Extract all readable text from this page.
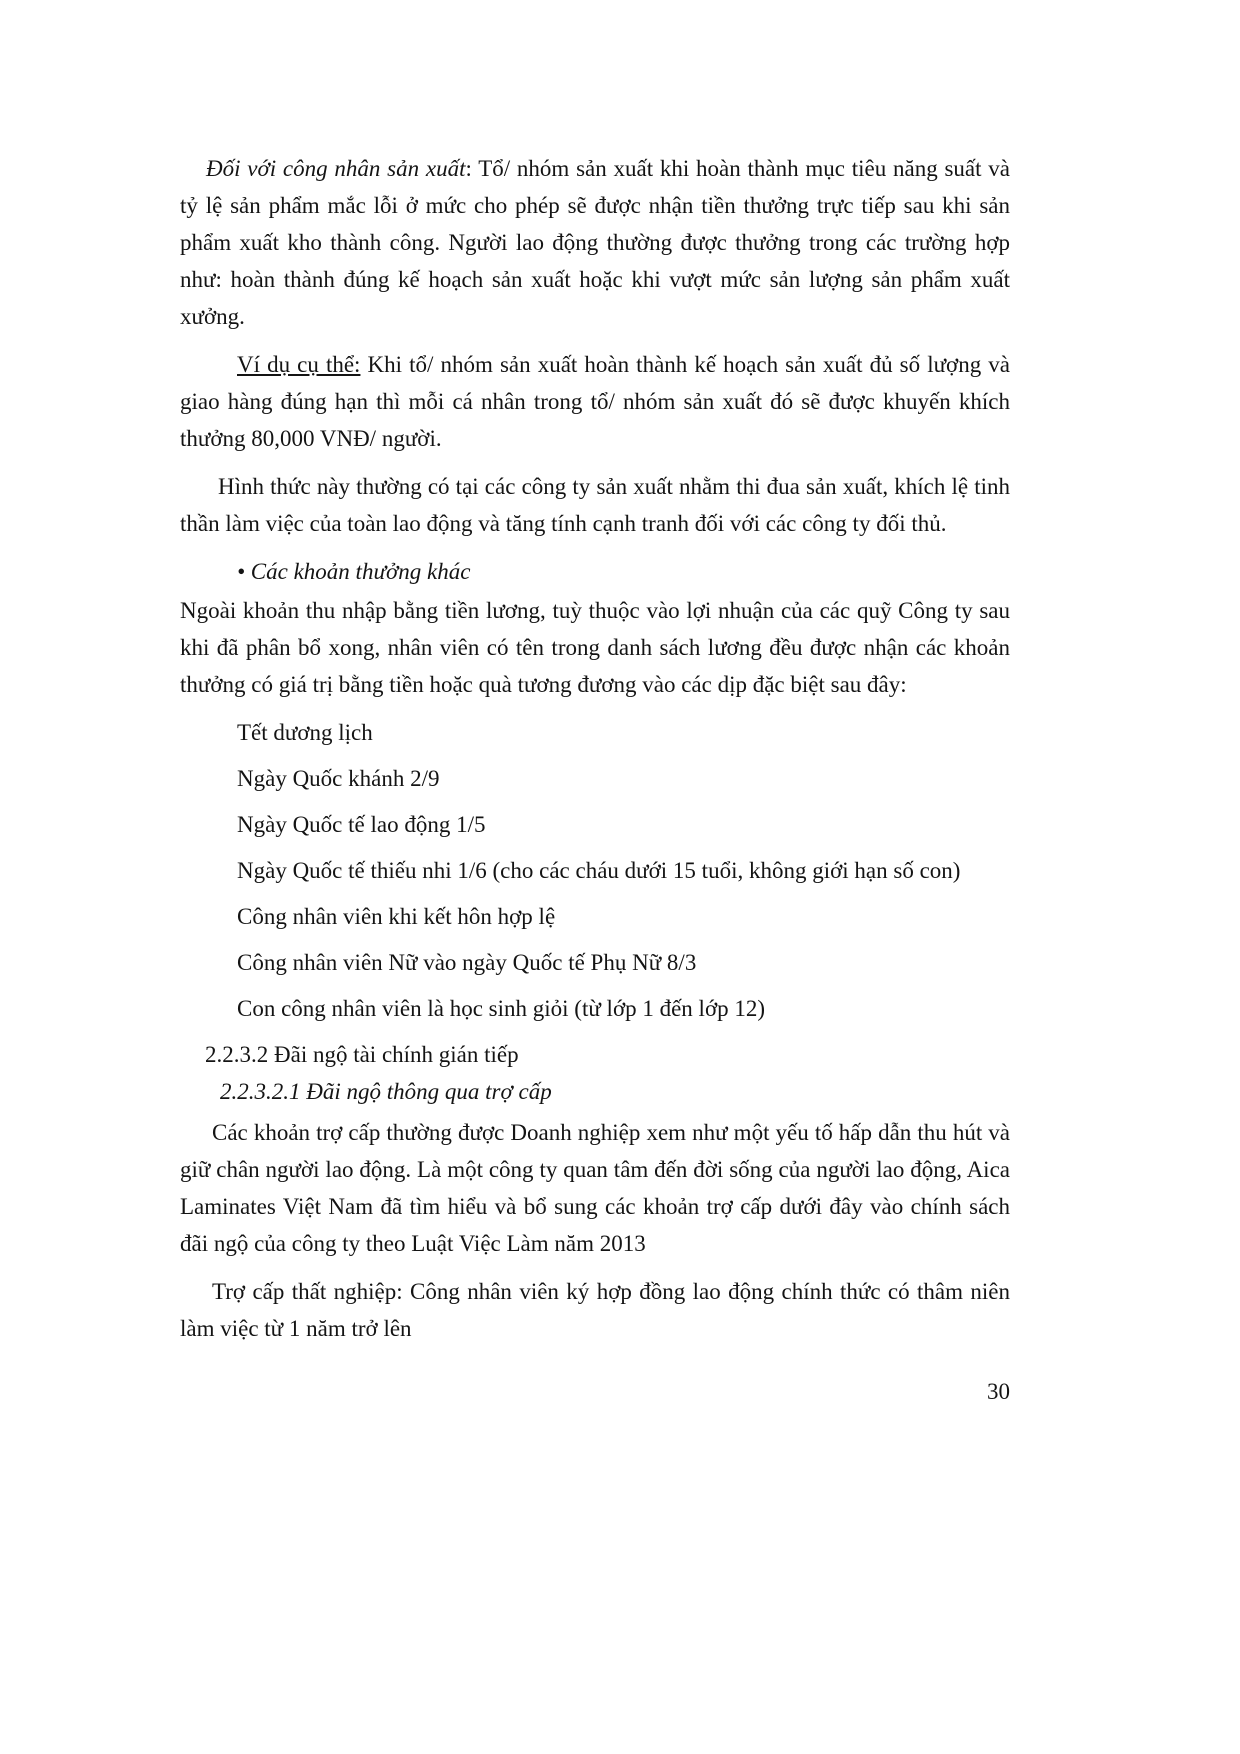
Đối với công nhân sản xuất: Tổ/ nhóm sản xuất khi hoàn thành mục tiêu năng suất và tỷ lệ sản phẩm mắc lỗi ở mức cho phép sẽ được nhận tiền thưởng trực tiếp sau khi sản phẩm xuất kho thành công. Người lao động thường được thưởng trong các trường hợp như: hoàn thành đúng kế hoạch sản xuất hoặc khi vượt mức sản lượng sản phẩm xuất xưởng.

Ví dụ cụ thể: Khi tổ/ nhóm sản xuất hoàn thành kế hoạch sản xuất đủ số lượng và giao hàng đúng hạn thì mỗi cá nhân trong tổ/ nhóm sản xuất đó sẽ được khuyến khích thưởng 80,000 VNĐ/ người.

Hình thức này thường có tại các công ty sản xuất nhằm thi đua sản xuất, khích lệ tinh thần làm việc của toàn lao động và tăng tính cạnh tranh đối với các công ty đối thủ.

• Các khoản thưởng khác

Ngoài khoản thu nhập bằng tiền lương, tuỳ thuộc vào lợi nhuận của các quỹ Công ty sau khi đã phân bổ xong, nhân viên có tên trong danh sách lương đều được nhận các khoản thưởng có giá trị bằng tiền hoặc quà tương đương vào các dịp đặc biệt sau đây:

Tết dương lịch

Ngày Quốc khánh 2/9

Ngày Quốc tế lao động 1/5

Ngày Quốc tế thiếu nhi 1/6 (cho các cháu dưới 15 tuổi, không giới hạn số con)

Công nhân viên khi kết hôn hợp lệ

Công nhân viên Nữ vào ngày Quốc tế Phụ Nữ 8/3

Con công nhân viên là học sinh giỏi (từ lớp 1 đến lớp 12)

2.2.3.2 Đãi ngộ tài chính gián tiếp

2.2.3.2.1 Đãi ngộ thông qua trợ cấp

Các khoản trợ cấp thường được Doanh nghiệp xem như một yếu tố hấp dẫn thu hút và giữ chân người lao động. Là một công ty quan tâm đến đời sống của người lao động, Aica Laminates Việt Nam đã tìm hiểu và bổ sung các khoản trợ cấp dưới đây vào chính sách đãi ngộ của công ty theo Luật Việc Làm năm 2013

Trợ cấp thất nghiệp: Công nhân viên ký hợp đồng lao động chính thức có thâm niên làm việc từ 1 năm trở lên

30
